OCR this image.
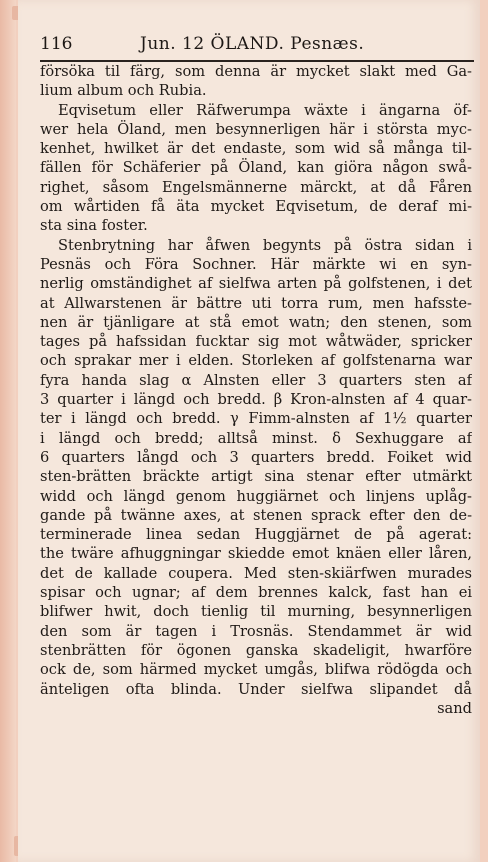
116	Jun. 12 ÖLAND. Pesnæs.
försöka til färg, som denna är mycket slakt med Ga-
lium album och Rubia.
Eqvisetum eller Räfwerumpa wäxte i ängarna öf-
wer hela Öland, men besynnerligen här i största myc-
kenhet, hwilket är det endaste, som wid så många til-
fällen för Schäferier på Öland, kan giöra någon swå-
righet, såsom Engelsmännerne märckt, at då Fåren
om wårtiden få äta mycket Eqvisetum, de deraf mi-
sta sina foster.
Stenbrytning har åfwen begynts på östra sidan i
Pesnäs och Föra Sochner. Här märkte wi en syn-
nerlig omständighet af sielfwa arten på golfstenen, i det
at Allwarstenen är bättre uti torra rum, men hafsste-
nen är tjänligare at stå emot watn; den stenen, som
tages på hafssidan fucktar sig mot wåtwäder, spricker
och sprakar mer i elden. Storleken af golfstenarna war
fyra handa slag α Alnsten eller 3 quarters sten af
3 quarter i längd och bredd. β Kron-alnsten af 4 quar-
ter i längd och bredd. γ Fimm-alnsten af 1½ quarter
i längd och bredd; alltså minst. δ Sexhuggare af
6 quarters långd och 3 quarters bredd. Foiket wid
sten-brätten bräckte artigt sina stenar efter utmärkt
widd och längd genom huggiärnet och linjens uplåg-
gande på twänne axes, at stenen sprack efter den de-
terminerade linea sedan Huggjärnet de på agerat:
the twäre afhuggningar skiedde emot knäen eller låren,
det de kallade coupera. Med sten-skiärfwen murades
spisar och ugnar; af dem brennes kalck, fast han ei
blifwer hwit, doch tienlig til murning, besynnerligen
den som är tagen i Trosnäs. Stendammet är wid
stenbrätten för ögonen ganska skadeligit, hwarföre
ock de, som härmed mycket umgås, blifwa rödögda och
änteligen ofta blinda. Under sielfwa slipandet då
sand
